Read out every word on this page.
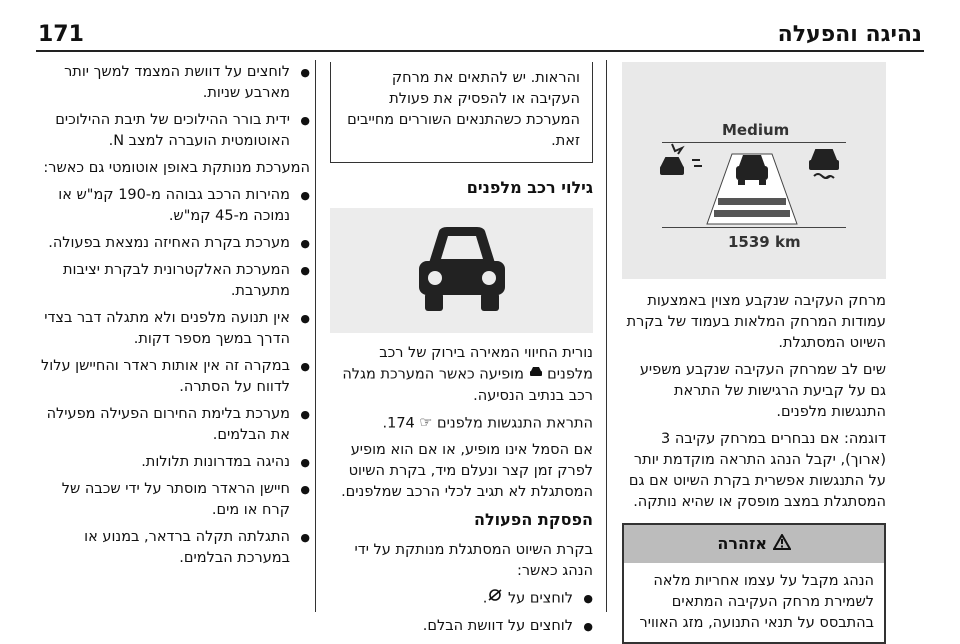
171	נהיגה והפעלה
Medium
1539 km

מרחק העקיבה שנקבע מצוין באמצעות עמודות המרחק המלאות בעמוד של בקרת השיוט המסתגלת.

שים לב שמרחק העקיבה שנקבע משפיע גם על קביעת הרגישות של התראת התנגשות מלפנים.

דוגמה: אם נבחרים במרחק עקיבה 3 (ארוך), יקבל הנהג התראה מוקדמת יותר על התנגשות אפשרית בקרת השיוט אם גם המסתגלת במצב מופסק או שהיא נותקה.

אזהרה
הנהג מקבל על עצמו אחריות מלאה לשמירת מרחק העקיבה המתאים בהתבסס על תנאי התנועה, מזג האוויר
והראות. יש להתאים את מרחק העקיבה או להפסיק את פעולת המערכת כשהתנאים השוררים מחייבים זאת.
גילוי רכב מלפנים

נורית החיווי המאירה בירוק של רכב מלפנים  מופיעה כאשר המערכת מגלה רכב בנתיב הנסיעה.

התראת התנגשות מלפנים ☞ 174.

אם הסמל אינו מופיע, או אם הוא מופיע לפרק זמן קצר ונעלם מיד, בקרת השיוט המסתגלת לא תגיב לכלי הרכב שמלפנים.

הפסקת הפעולה

בקרת השיוט המסתגלת מנותקת על ידי הנהג כאשר:

● לוחצים על .
● לוחצים על דוושת הבלם.
● לוחצים על דוושת המצמד למשך יותר מארבע שניות.
● ידית בורר ההילוכים של תיבת ההילוכים האוטומטית הועברה למצב N.

המערכת מנותקת באופן אוטומטי גם כאשר:

● מהירות הרכב גבוהה מ-190 קמ"ש או נמוכה מ-45 קמ"ש.
● מערכת בקרת האחיזה נמצאת בפעולה.
● המערכת האלקטרונית לבקרת יציבות מתערבת.
● אין תנועה מלפנים ולא מתגלה דבר בצדי הדרך במשך מספר דקות.
● במקרה זה אין אותות ראדר והחיישן עלול לדווח על הסתרה.
● מערכת בלימת החירום הפעילה מפעילה את הבלמים.
● נהיגה במדרונות תלולות.
● חיישן הראדר מוסתר על ידי שכבה של קרח או מים.
● התגלתה תקלה ברדאר, במנוע או במערכת הבלמים.
